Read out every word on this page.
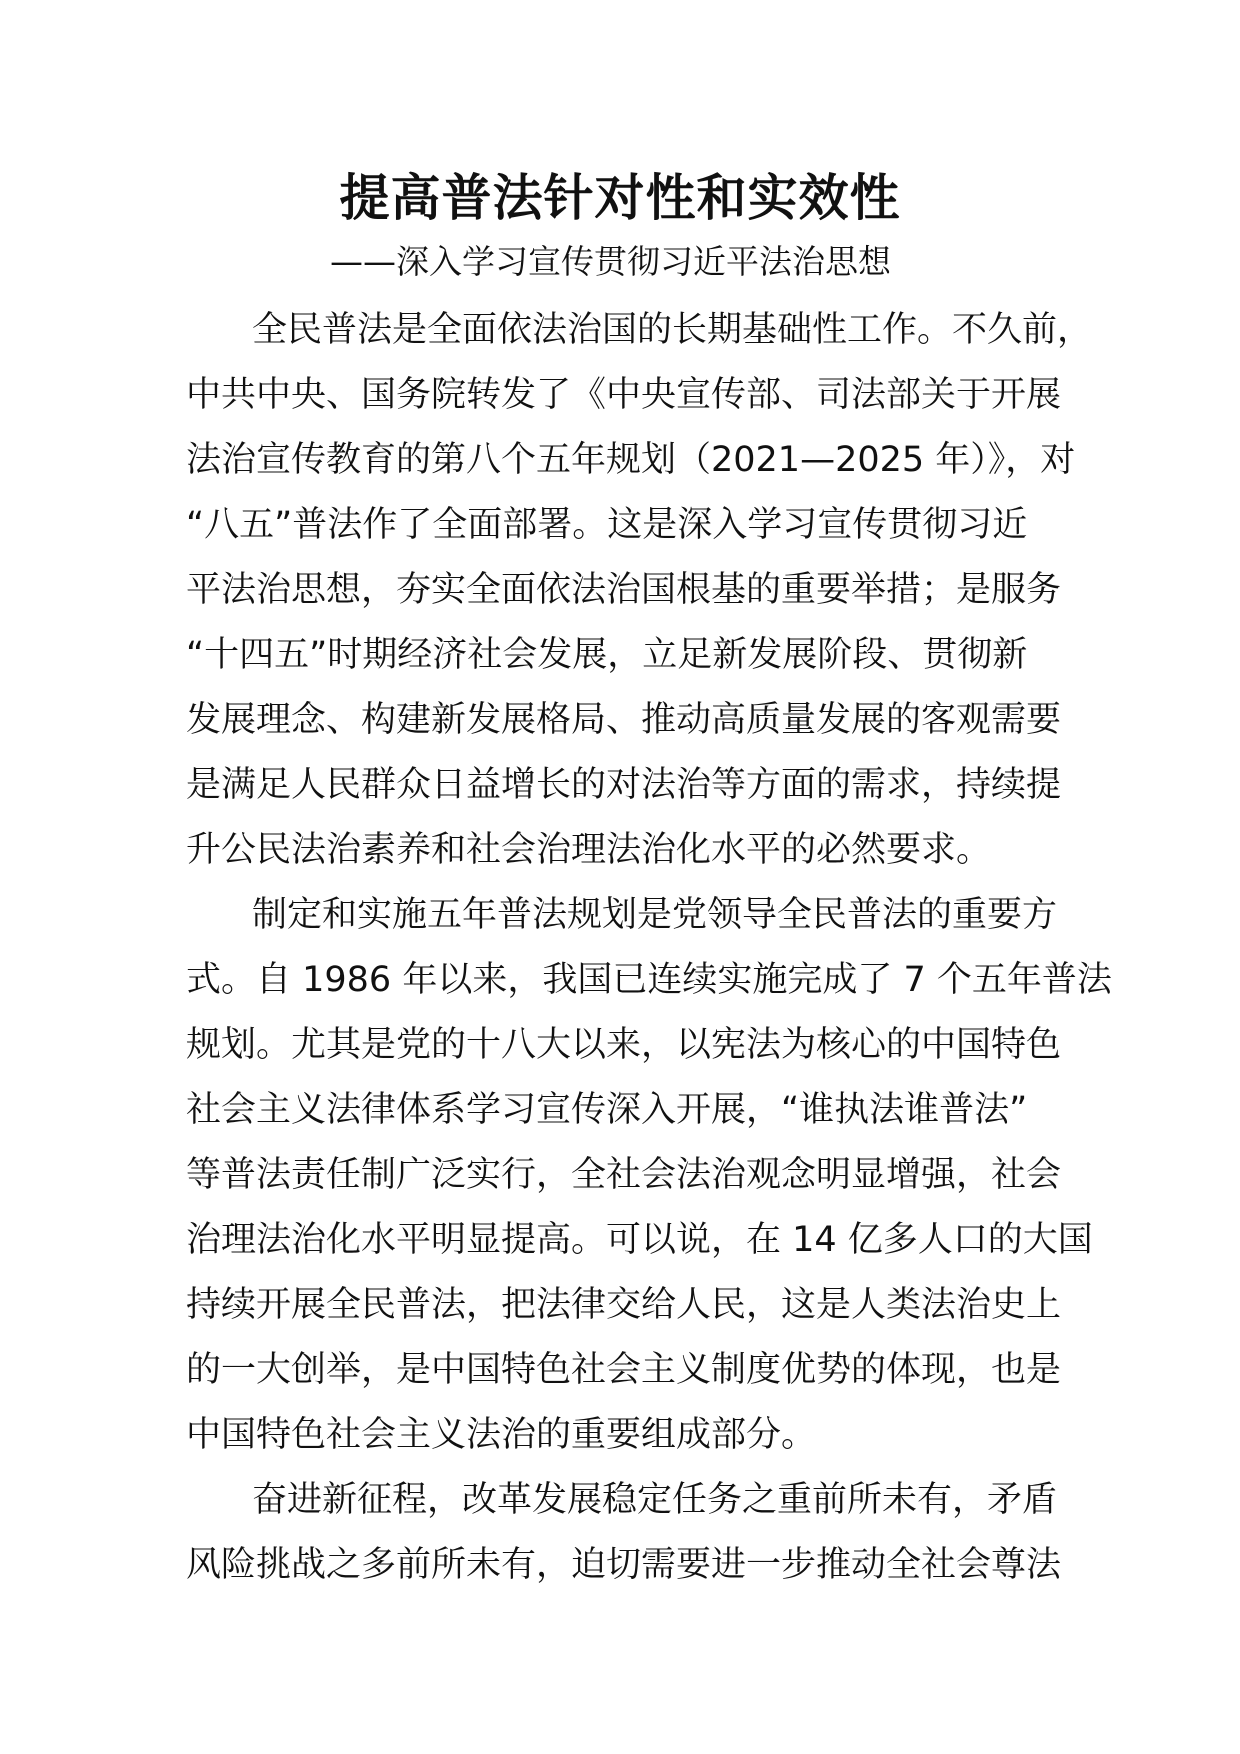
提高普法针对性和实效性
——深入学习宣传贯彻习近平法治思想
全民普法是全面依法治国的长期基础性工作。不久前，
中共中央、国务院转发了《中央宣传部、司法部关于开展
法治宣传教育的第八个五年规划（2021—2025 年）》，对
“八五”普法作了全面部署。这是深入学习宣传贯彻习近
平法治思想，夯实全面依法治国根基的重要举措；是服务
“十四五”时期经济社会发展，立足新发展阶段、贯彻新
发展理念、构建新发展格局、推动高质量发展的客观需要
是满足人民群众日益增长的对法治等方面的需求，持续提
升公民法治素养和社会治理法治化水平的必然要求。
制定和实施五年普法规划是党领导全民普法的重要方
式。自 1986 年以来，我国已连续实施完成了 7 个五年普法
规划。尤其是党的十八大以来，以宪法为核心的中国特色
社会主义法律体系学习宣传深入开展，“谁执法谁普法”
等普法责任制广泛实行，全社会法治观念明显增强，社会
治理法治化水平明显提高。可以说，在 14 亿多人口的大国
持续开展全民普法，把法律交给人民，这是人类法治史上
的一大创举，是中国特色社会主义制度优势的体现，也是
中国特色社会主义法治的重要组成部分。
奋进新征程，改革发展稳定任务之重前所未有，矛盾
风险挑战之多前所未有，迫切需要进一步推动全社会尊法
